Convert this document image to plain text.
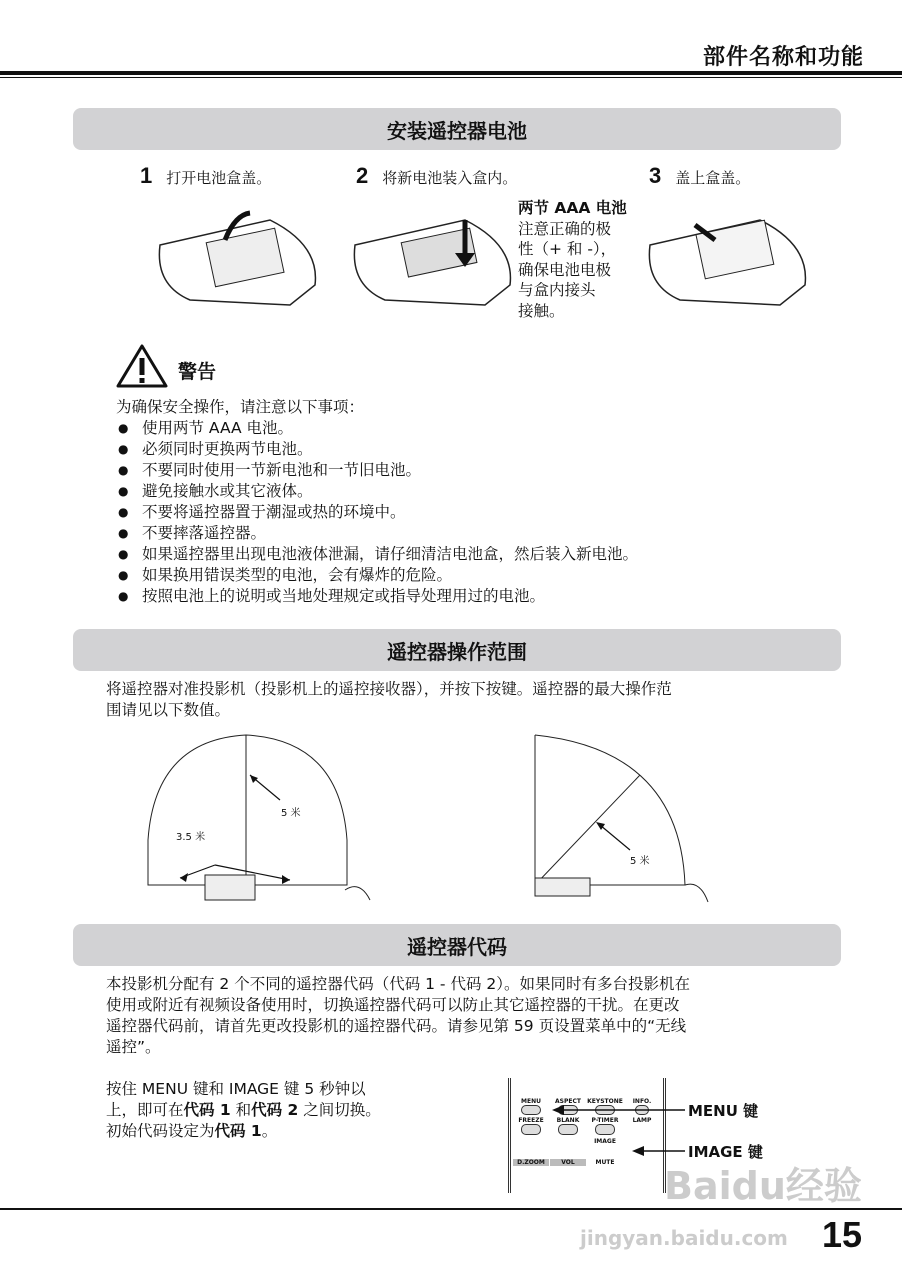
部件名称和功能
安装遥控器电池
1 打开电池盒盖。	2 将新电池装入盒内。	3 盖上盒盖。
两节 AAA 电池
注意正确的极
性（+ 和 -），
确保电池电极
与盒内接头
接触。
警告
为确保安全操作，请注意以下事项：
● 使用两节 AAA 电池。
● 必须同时更换两节电池。
● 不要同时使用一节新电池和一节旧电池。
● 避免接触水或其它液体。
● 不要将遥控器置于潮湿或热的环境中。
● 不要摔落遥控器。
● 如果遥控器里出现电池液体泄漏，请仔细清洁电池盒，然后装入新电池。
● 如果换用错误类型的电池，会有爆炸的危险。
● 按照电池上的说明或当地处理规定或指导处理用过的电池。
遥控器操作范围
将遥控器对准投影机（投影机上的遥控接收器），并按下按键。遥控器的最大操作范
围请见以下数值。
5 米
3.5 米
5 米
遥控器代码
本投影机分配有 2 个不同的遥控器代码（代码 1 - 代码 2）。如果同时有多台投影机在
使用或附近有视频设备使用时，切换遥控器代码可以防止其它遥控器的干扰。在更改
遥控器代码前，请首先更改投影机的遥控器代码。请参见第 59 页设置菜单中的“无线
遥控”。
按住 MENU 键和 IMAGE 键 5 秒钟以
上，即可在代码 1 和代码 2 之间切换。
初始代码设定为代码 1。
MENU	ASPECT	KEYSTONE	INFO.
FREEZE	BLANK	P-TIMER	LAMP
IMAGE
D.ZOOM	VOL	MUTE
MENU 键
IMAGE 键
Baidu经验
jingyan.baidu.com 15
